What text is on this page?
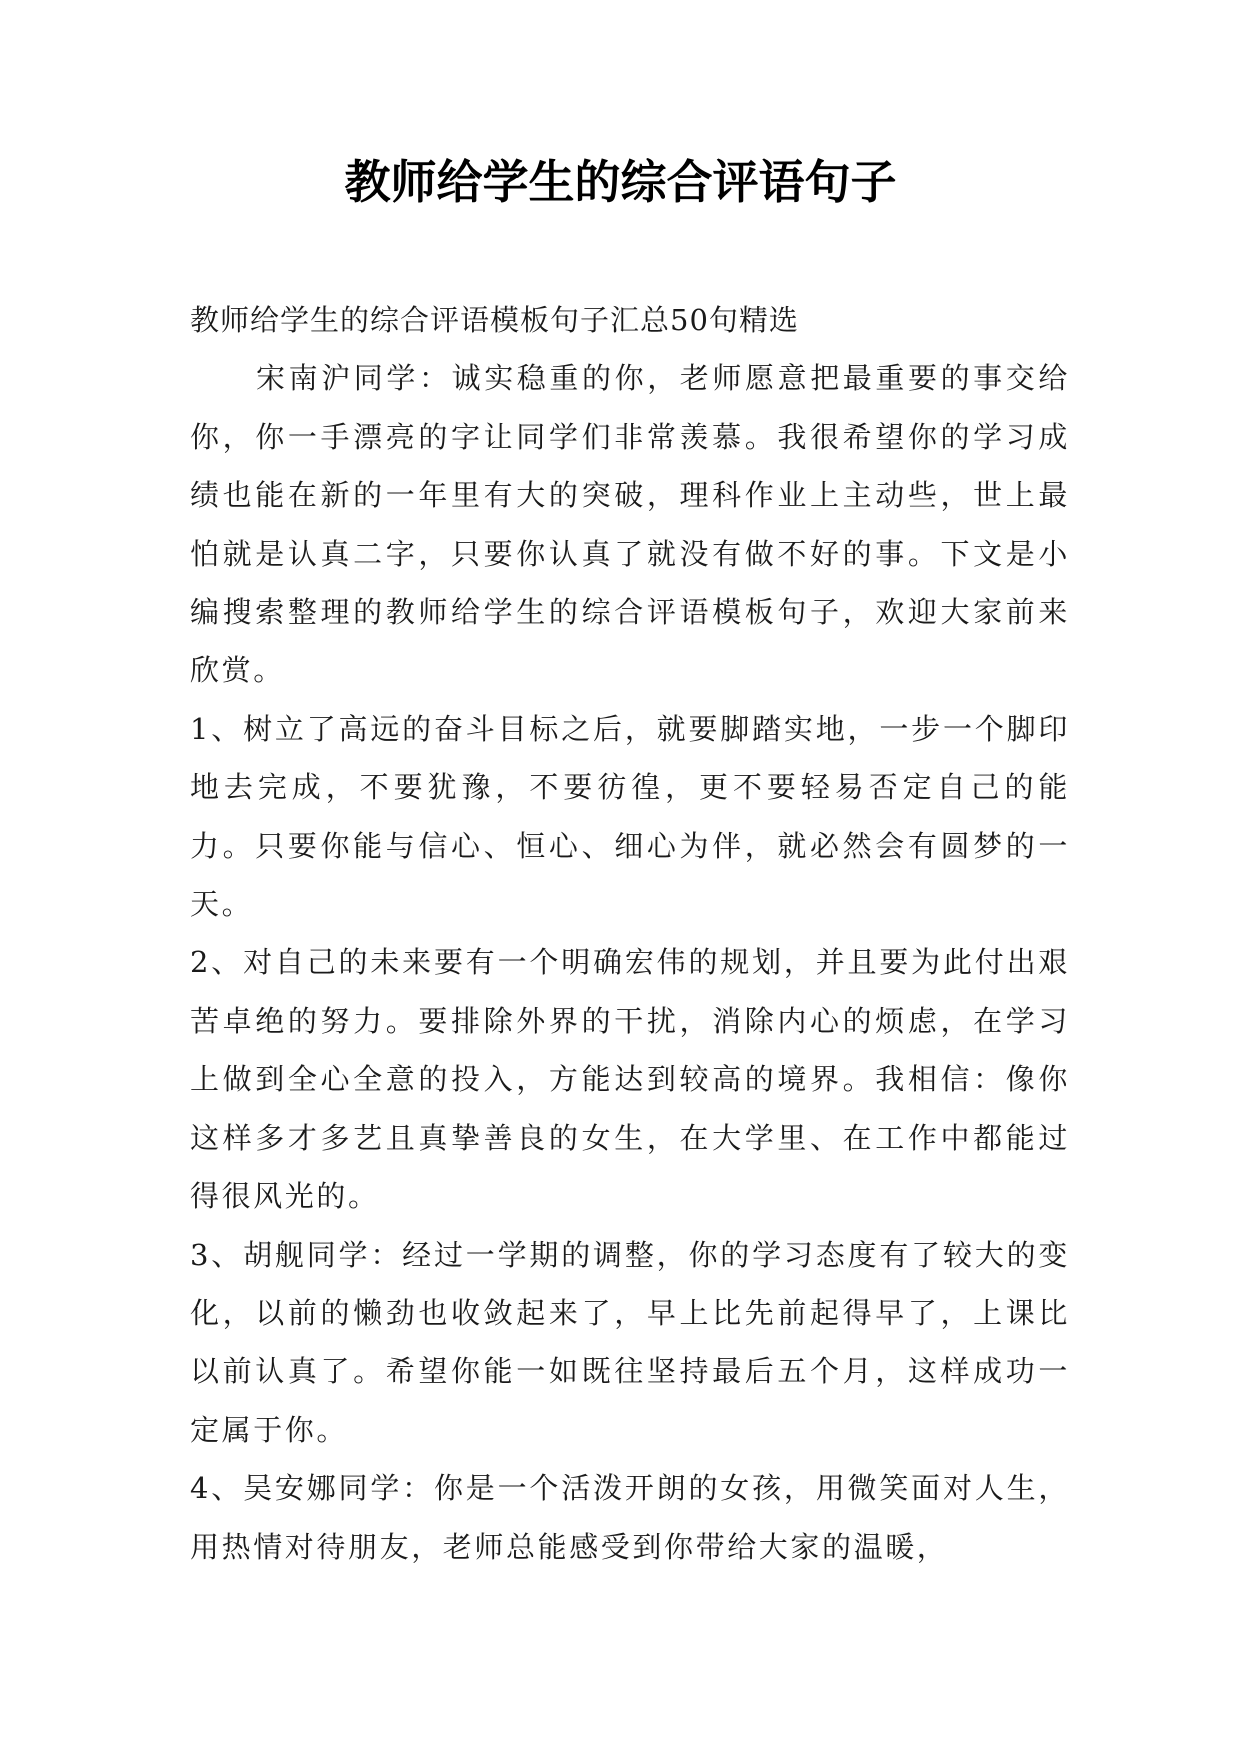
教师给学生的综合评语句子

教师给学生的综合评语模板句子汇总50句精选

宋南沪同学：诚实稳重的你，老师愿意把最重要的事交给你，你一手漂亮的字让同学们非常羡慕。我很希望你的学习成绩也能在新的一年里有大的突破，理科作业上主动些，世上最怕就是认真二字，只要你认真了就没有做不好的事。下文是小编搜索整理的教师给学生的综合评语模板句子，欢迎大家前来欣赏。

1、树立了高远的奋斗目标之后，就要脚踏实地，一步一个脚印地去完成，不要犹豫，不要彷徨，更不要轻易否定自己的能力。只要你能与信心、恒心、细心为伴，就必然会有圆梦的一天。

2、对自己的未来要有一个明确宏伟的规划，并且要为此付出艰苦卓绝的努力。要排除外界的干扰，消除内心的烦虑，在学习上做到全心全意的投入，方能达到较高的境界。我相信：像你这样多才多艺且真挚善良的女生，在大学里、在工作中都能过得很风光的。

3、胡舰同学：经过一学期的调整，你的学习态度有了较大的变化，以前的懒劲也收敛起来了，早上比先前起得早了，上课比以前认真了。希望你能一如既往坚持最后五个月，这样成功一定属于你。

4、吴安娜同学：你是一个活泼开朗的女孩，用微笑面对人生，用热情对待朋友，老师总能感受到你带给大家的温暖，
